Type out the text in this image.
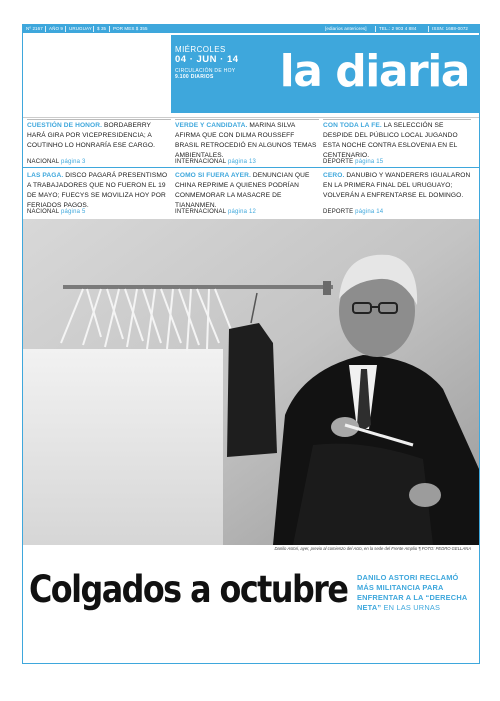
Nº 2167 AÑO 9 URUGUAY $ 35 POR MES $ 355	[ediarios anteriores]	TEL.: 2 903 4 884	ISSN: 1688-0072
MIÉRCOLES
04 · JUN · 14
CIRCULACIÓN DE HOY
9.100 DIARIOS	la diaria
CUESTIÓN DE HONOR. BORDABERRY HARÁ GIRA POR VICEPRESIDENCIA; A COUTINHO LO HONRARÍA ESE CARGO.
NACIONAL página 3
VERDE Y CANDIDATA. MARINA SILVA AFIRMA QUE CON DILMA ROUSSEFF BRASIL RETROCEDIÓ EN ALGUNOS TEMAS AMBIENTALES.
INTERNACIONAL página 13
CON TODA LA FE. LA SELECCIÓN SE DESPIDE DEL PÚBLICO LOCAL JUGANDO ESTA NOCHE CONTRA ESLOVENIA EN EL CENTENARIO.
DEPORTE página 15
LAS PAGA. DISCO PAGARÁ PRESENTISMO A TRABAJADORES QUE NO FUERON EL 19 DE MAYO; FUECYS SE MOVILIZA HOY POR FERIADOS PAGOS.
NACIONAL página 5
COMO SI FUERA AYER. DENUNCIAN QUE CHINA REPRIME A QUIENES PODRÍAN CONMEMORAR LA MASACRE DE TIANANMEN.
INTERNACIONAL página 12
CERO. DANUBIO Y WANDERERS IGUALARON EN LA PRIMERA FINAL DEL URUGUAYO; VOLVERÁN A ENFRENTARSE EL DOMINGO.
DEPORTE página 14
Danilo Astori, ayer, previo al comienzo del Acto, en la sede del Frente Amplio ¶ FOTO: PEDRO GELLANA
Colgados a octubre DANILO ASTORI RECLAMÓ MÁS MILITANCIA PARA ENFRENTAR A LA “DERECHA NETA” EN LAS URNAS
